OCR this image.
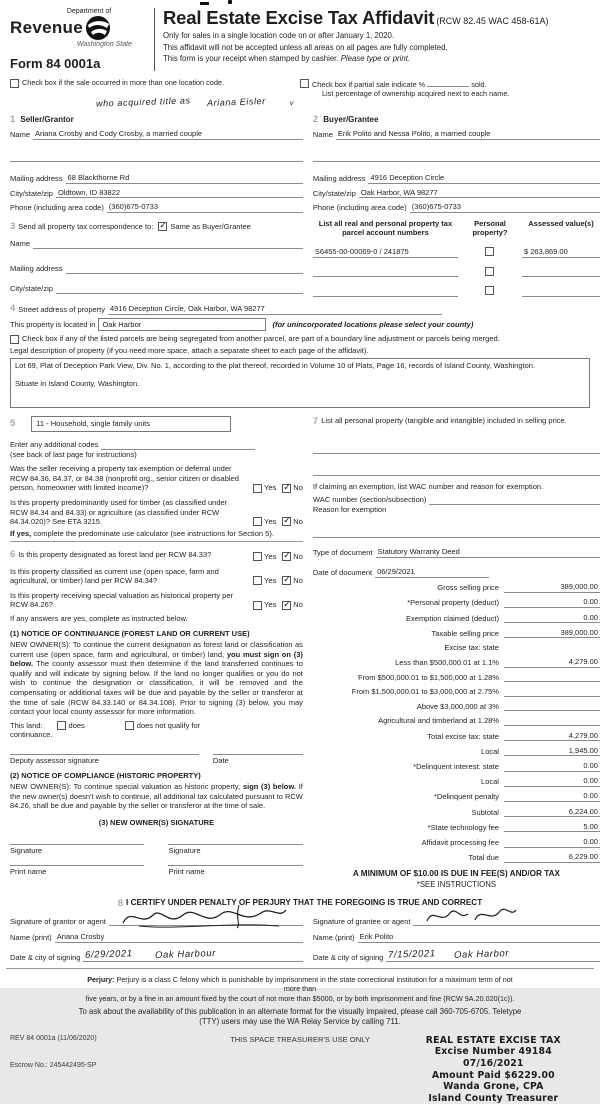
Department of
Revenue
Washington State
Form 84 0001a
Real Estate Excise Tax Affidavit (RCW 82.45 WAC 458-61A)
Only for sales in a single location code on or after January 1, 2020.
This affidavit will not be accepted unless all areas on all pages are fully completed.
This form is your receipt when stamped by cashier. Please type or print.
Check box if the sale occurred in more than one location code.	Check box if partial sale indicate %	sold.
List percentage of ownership acquired next to each name.
who acquired title as Ariana Eisler	v
1 Seller/Grantor
Name Ariana Crosby and Cody Crosby, a married couple
Mailing address 68 Blackthorne Rd
City/state/zip Oldtown, ID 83822
Phone (including area code) (360)675-0733
3 Send all property tax correspondence to: ✓ Same as Buyer/Grantee
Name
Mailing address
City/state/zip
2 Buyer/Grantee
Name Erik Polito and Nessa Polito, a married couple
Mailing address 4916 Deception Circle
City/state/zip Oak Harbor, WA 98277
Phone (including area code) (360)675-0733
List all real and personal property tax parcel account numbers
Personal property?
Assessed value(s)
S6455-00-00069-0 / 241875	$ 263,869.00
4 Street address of property 4916 Deception Circle, Oak Harbor, WA 98277
This property is located in Oak Harbor	(for unincorporated locations please select your county)
Check box if any of the listed parcels are being segregated from another parcel, are part of a boundary line adjustment or parcels being merged.
Legal description of property (if you need more space, attach a separate sheet to each page of the affidavit).
Lot 69, Plat of Deception Park View, Div. No. 1, according to the plat thereof, recorded in Volume 10 of Plats, Page 16, records of Island County, Washington.
Situate in Island County, Washington.
5	11 - Household, single family units
Enter any additional codes
(see back of last page for instructions)
Was the seller receiving a property tax exemption or deferral under RCW 84.36, 84.37, or 84.38 (nonprofit org., senior citizen or disabled person, homeowner with limited income)?	Yes ✓ No
Is this property predominantly used for timber (as classified under RCW 84.34 and 84.33) or agriculture (as classified under RCW 84.34.020)? See ETA 3215.	Yes ✓ No
If yes, complete the predominate use calculator (see instructions for Section 5).
6 Is this property designated as forest land per RCW 84.33?	Yes ✓ No
Is this property classified as current use (open space, farm and agricultural, or timber) land per RCW 84.34?	Yes ✓ No
Is this property receiving special valuation as historical property per RCW 84.26?	Yes ✓ No
If any answers are yes, complete as instructed below.
(1) NOTICE OF CONTINUANCE (FOREST LAND OR CURRENT USE)
NEW OWNER(S): To continue the current designation as forest land or classification as current use (open space, farm and agricultural, or timber) land, you must sign on (3) below. The county assessor must then determine if the land transferred continues to qualify and will indicate by signing below. If the land no longer qualifies or you do not wish to continue the designation or classification, it will be removed and the compensating or additional taxes will be due and payable by the seller or transferor at the time of sale (RCW 84.33.140 or 84.34.108). Prior to signing (3) below, you may contact your local county assessor for more information.
This land:	does	does not qualify for
continuance.
Deputy assessor signature	Date
(2) NOTICE OF COMPLIANCE (HISTORIC PROPERTY)
NEW OWNER(S): To continue special valuation as historic property, sign (3) below. If the new owner(s) doesn't wish to continue, all additional tax calculated pursuant to RCW 84.26, shall be due and payable by the seller or transferor at the time of sale.
(3) NEW OWNER(S) SIGNATURE
Signature	Signature
Print name	Print name
7 List all personal property (tangible and intangible) included in selling price.
If claiming an exemption, list WAC number and reason for exemption.
WAC number (section/subsection)
Reason for exemption
Type of document Statutory Warranty Deed
Date of document 06/29/2021
Gross selling price	389,000.00
*Personal property (deduct)	0.00
Exemption claimed (deduct)	0.00
Taxable selling price	389,000.00
Excise tax: state
Less than $500,000.01 at 1.1%	4,279.00
From $500,000.01 to $1,500,000 at 1.28%
From $1,500,000.01 to $3,000,000 at 2.75%
Above $3,000,000 at 3%
Agricultural and timberland at 1.28%
Total excise tax: state	4,279.00
Local	1,945.00
*Delinquent interest: state	0.00
Local	0.00
*Delinquent penalty	0.00
Subtotal	6,224.00
*State technology fee	5.00
Affidavit processing fee	0.00
Total due	6,229.00
A MINIMUM OF $10.00 IS DUE IN FEE(S) AND/OR TAX
*SEE INSTRUCTIONS
8 I CERTIFY UNDER PENALTY OF PERJURY THAT THE FOREGOING IS TRUE AND CORRECT
Signature of grantor or agent
Name (print) Ariana Crosby
Date & city of signing 6/29/2021 Oak Harbour
Signature of grantee or agent
Name (print) Erik Polito
Date & city of signing 7/15/2021 Oak Harbor
Perjury: Perjury is a class C felony which is punishable by imprisonment in the state correctional institution for a maximum term of not
more than
five years, or by a fine in an amount fixed by the court of not more than $5000, or by both imprisonment and fine (RCW 9A.20.020(1c)).
To ask about the availability of this publication in an alternate format for the visually impaired, please call 360-705-6705. Teletype
(TTY) users may use the WA Relay Service by calling 711.
REV 84 0001a (11/06/2020)
Escrow No.: 245442495-SP
THIS SPACE TREASURER'S USE ONLY	REAL ESTATE EXCISE TAX
Excise Number 49184
07/16/2021
Amount Paid $6229.00
Wanda Grone, CPA
Island County Treasurer
